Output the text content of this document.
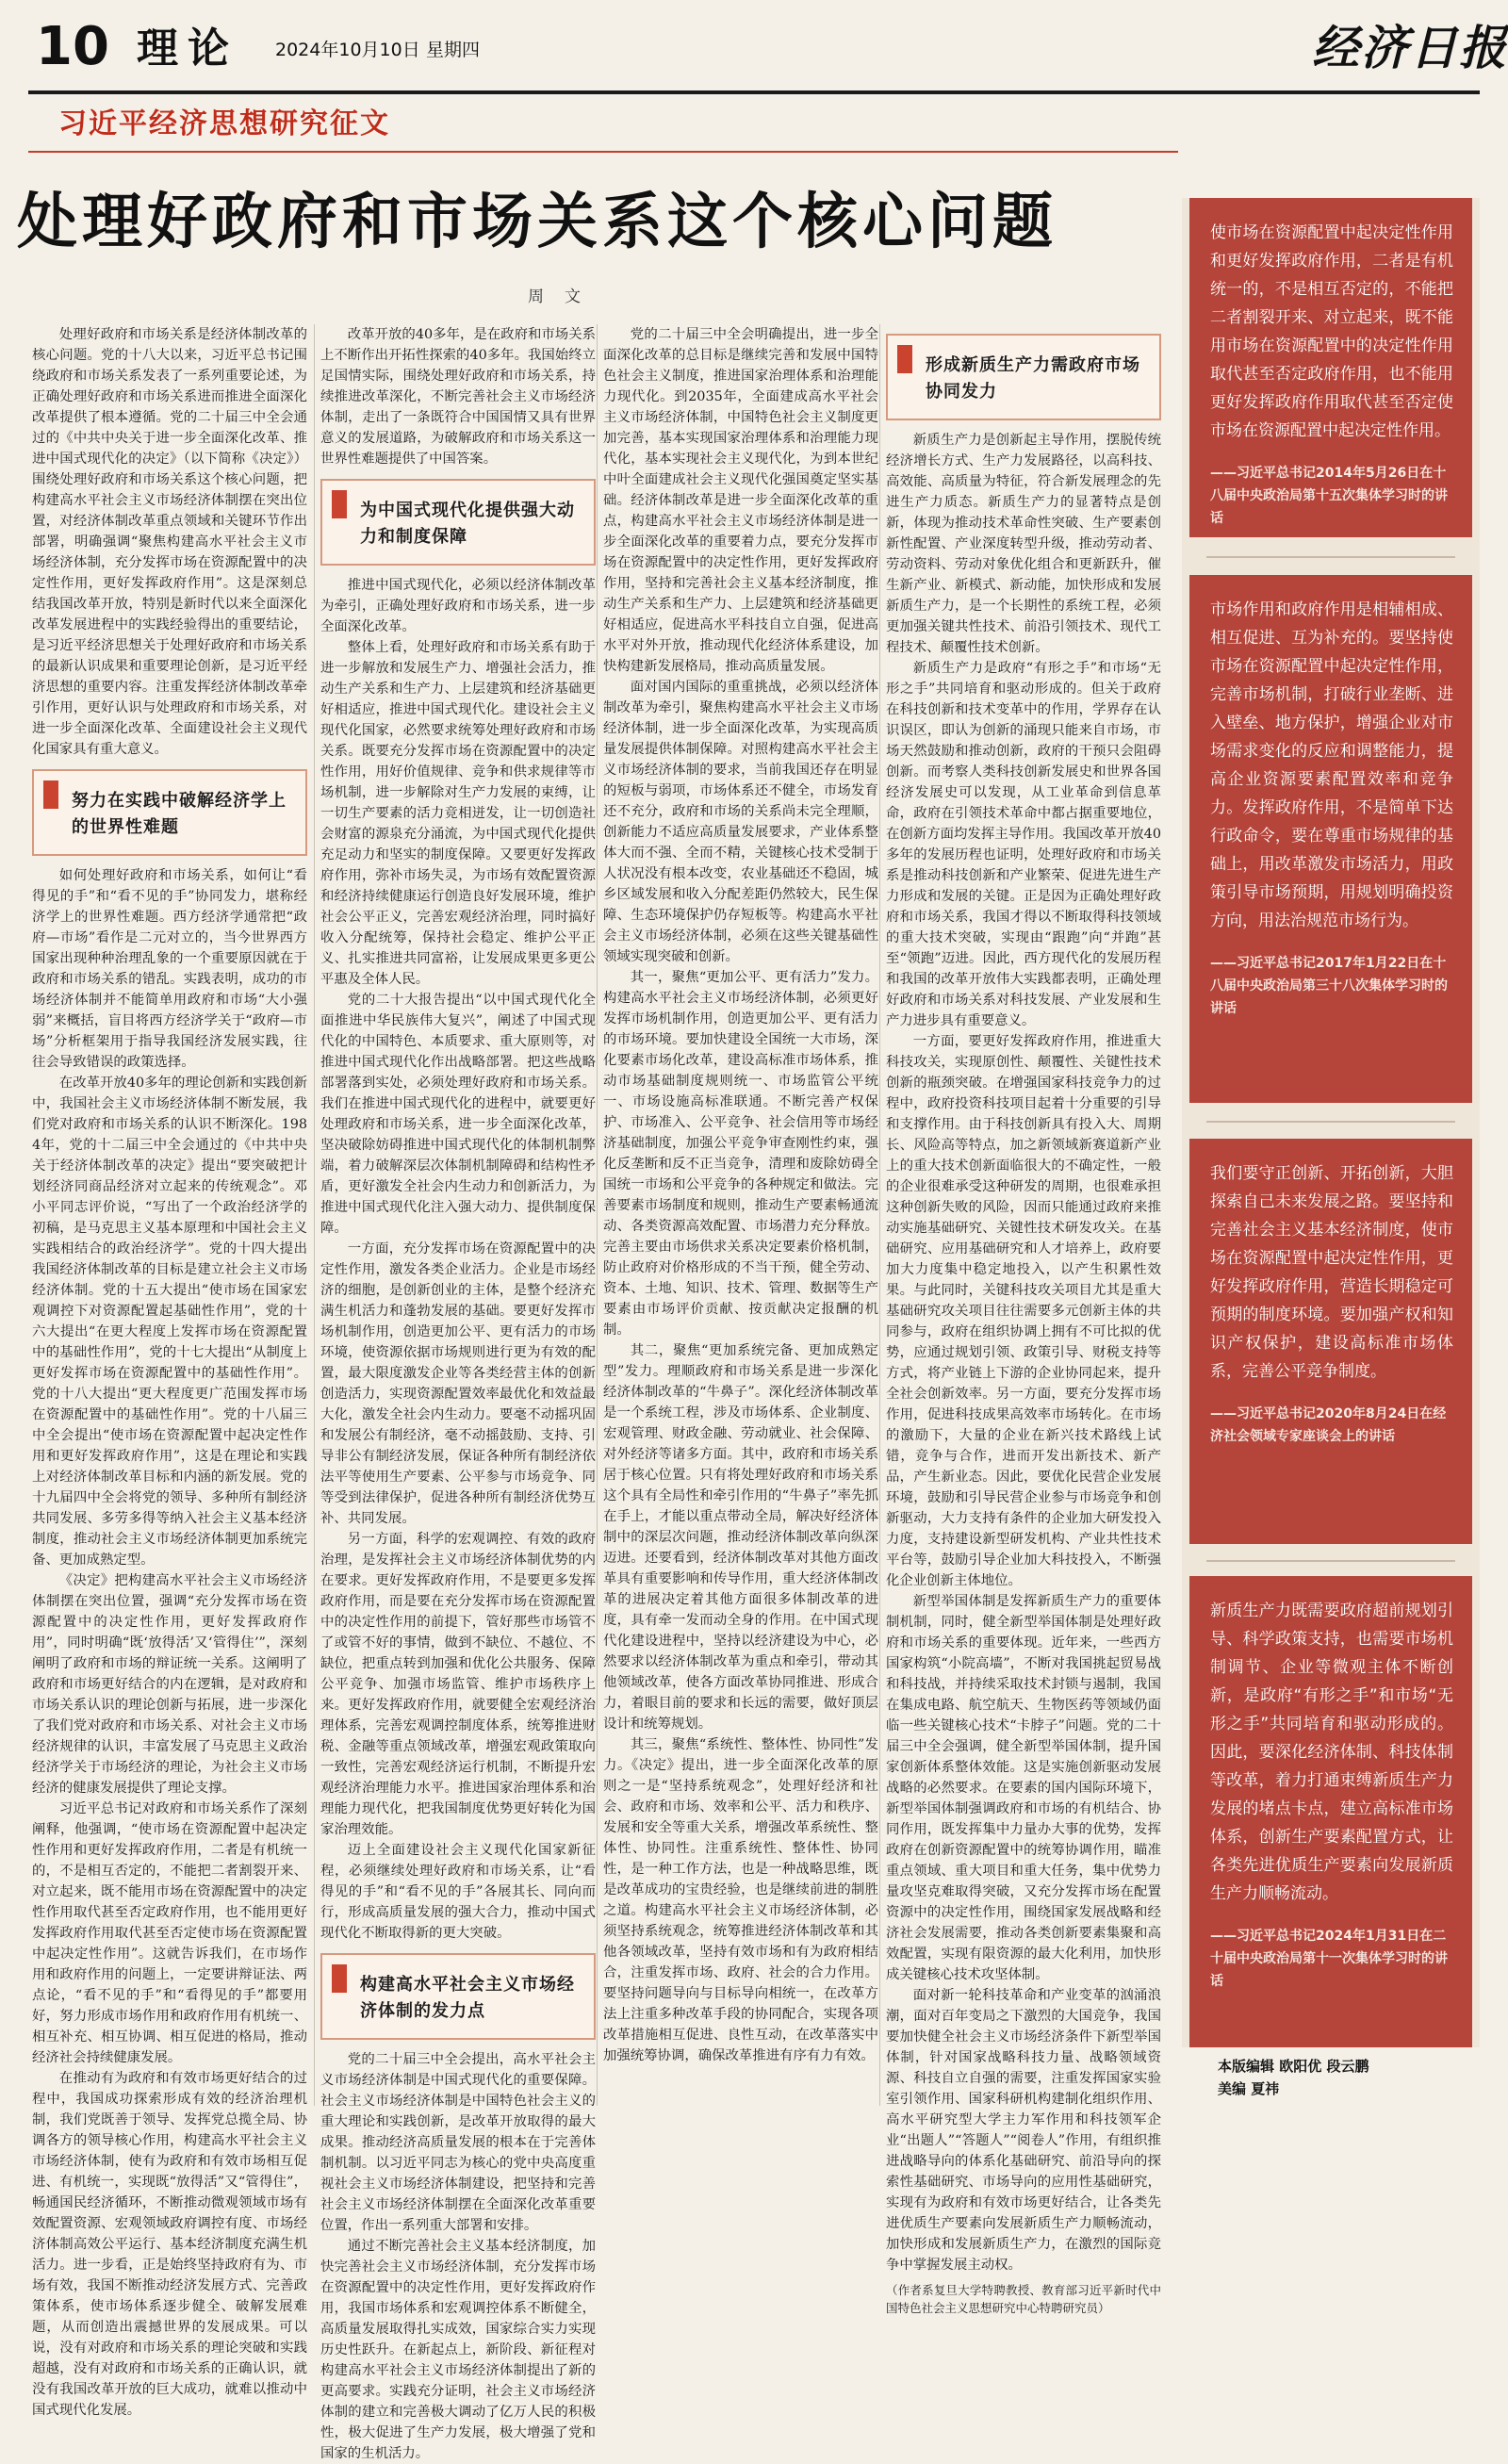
10 理论 2024年10月10日 星期四	经济日报
习近平经济思想研究征文
处理好政府和市场关系这个核心问题
周文

处理好政府和市场关系是经济体制改革的核心问题。党的十八大以来，习近平总书记围绕政府和市场关系发表了一系列重要论述，为正确处理好政府和市场关系进而推进全面深化改革提供了根本遵循。党的二十届三中全会通过的《中共中央关于进一步全面深化改革、推进中国式现代化的决定》（以下简称《决定》）围绕处理好政府和市场关系这个核心问题，把构建高水平社会主义市场经济体制摆在突出位置，对经济体制改革重点领域和关键环节作出部署，明确强调“聚焦构建高水平社会主义市场经济体制，充分发挥市场在资源配置中的决定性作用，更好发挥政府作用”。这是深刻总结我国改革开放，特别是新时代以来全面深化改革发展进程中的实践经验得出的重要结论，是习近平经济思想关于处理好政府和市场关系的最新认识成果和重要理论创新，是习近平经济思想的重要内容。注重发挥经济体制改革牵引作用，更好认识与处理政府和市场关系，对进一步全面深化改革、全面建设社会主义现代化国家具有重大意义。

努力在实践中破解经济学上的世界性难题

如何处理好政府和市场关系，如何让“看得见的手”和“看不见的手”协同发力，堪称经济学上的世界性难题。西方经济学通常把“政府—市场”看作是二元对立的，当今世界西方国家出现种种治理乱象的一个重要原因就在于政府和市场关系的错乱。实践表明，成功的市场经济体制并不能简单用政府和市场“大小强弱”来概括，盲目将西方经济学关于“政府—市场”分析框架用于指导我国经济发展实践，往往会导致错误的政策选择。

在改革开放40多年的理论创新和实践创新中，我国社会主义市场经济体制不断发展，我们党对政府和市场关系的认识不断深化。1984年，党的十二届三中全会通过的《中共中央关于经济体制改革的决定》提出“要突破把计划经济同商品经济对立起来的传统观念”。邓小平同志评价说，“写出了一个政治经济学的初稿，是马克思主义基本原理和中国社会主义实践相结合的政治经济学”。党的十四大提出我国经济体制改革的目标是建立社会主义市场经济体制。党的十五大提出“使市场在国家宏观调控下对资源配置起基础性作用”，党的十六大提出“在更大程度上发挥市场在资源配置中的基础性作用”，党的十七大提出“从制度上更好发挥市场在资源配置中的基础性作用”。党的十八大提出“更大程度更广范围发挥市场在资源配置中的基础性作用”。党的十八届三中全会提出“使市场在资源配置中起决定性作用和更好发挥政府作用”，这是在理论和实践上对经济体制改革目标和内涵的新发展。党的十九届四中全会将党的领导、多种所有制经济共同发展、多劳多得等纳入社会主义基本经济制度，推动社会主义市场经济体制更加系统完备、更加成熟定型。

《决定》把构建高水平社会主义市场经济体制摆在突出位置，强调“充分发挥市场在资源配置中的决定性作用，更好发挥政府作用”，同时明确“既‘放得活’又‘管得住’”，深刻阐明了政府和市场的辩证统一关系。这阐明了政府和市场更好结合的内在逻辑，是对政府和市场关系认识的理论创新与拓展，进一步深化了我们党对政府和市场关系、对社会主义市场经济规律的认识，丰富发展了马克思主义政治经济学关于市场经济的理论，为社会主义市场经济的健康发展提供了理论支撑。

习近平总书记对政府和市场关系作了深刻阐释，他强调，“使市场在资源配置中起决定性作用和更好发挥政府作用，二者是有机统一的，不是相互否定的，不能把二者割裂开来、对立起来，既不能用市场在资源配置中的决定性作用取代甚至否定政府作用，也不能用更好发挥政府作用取代甚至否定使市场在资源配置中起决定性作用”。这就告诉我们，在市场作用和政府作用的问题上，一定要讲辩证法、两点论，“看不见的手”和“看得见的手”都要用好，努力形成市场作用和政府作用有机统一、相互补充、相互协调、相互促进的格局，推动经济社会持续健康发展。

在推动有为政府和有效市场更好结合的过程中，我国成功探索形成有效的经济治理机制，我们党既善于领导、发挥党总揽全局、协调各方的领导核心作用，构建高水平社会主义市场经济体制，使有为政府和有效市场相互促进、有机统一，实现既“放得活”又“管得住”，畅通国民经济循环，不断推动微观领域市场有效配置资源、宏观领域政府调控有度、市场经济体制高效公平运行、基本经济制度充满生机活力。进一步看，正是始终坚持政府有为、市场有效，我国不断推动经济发展方式、完善政策体系，使市场体系逐步健全、破解发展难题，从而创造出震撼世界的发展成果。可以说，没有对政府和市场关系的理论突破和实践超越，没有对政府和市场关系的正确认识，就没有我国改革开放的巨大成功，就难以推动中国式现代化发展。

改革开放的40多年，是在政府和市场关系上不断作出开拓性探索的40多年。我国始终立足国情实际，围绕处理好政府和市场关系，持续推进改革深化，不断完善社会主义市场经济体制，走出了一条既符合中国国情又具有世界意义的发展道路，为破解政府和市场关系这一世界性难题提供了中国答案。

为中国式现代化提供强大动力和制度保障

推进中国式现代化，必须以经济体制改革为牵引，正确处理好政府和市场关系，进一步全面深化改革。

整体上看，处理好政府和市场关系有助于进一步解放和发展生产力、增强社会活力，推动生产关系和生产力、上层建筑和经济基础更好相适应，推进中国式现代化。建设社会主义现代化国家，必然要求统筹处理好政府和市场关系。既要充分发挥市场在资源配置中的决定性作用，用好价值规律、竞争和供求规律等市场机制，进一步解除对生产力发展的束缚，让一切生产要素的活力竞相迸发，让一切创造社会财富的源泉充分涌流，为中国式现代化提供充足动力和坚实的制度保障。又要更好发挥政府作用，弥补市场失灵，为市场有效配置资源和经济持续健康运行创造良好发展环境，维护社会公平正义，完善宏观经济治理，同时搞好收入分配统筹，保持社会稳定、维护公平正义、扎实推进共同富裕，让发展成果更多更公平惠及全体人民。

党的二十大报告提出“以中国式现代化全面推进中华民族伟大复兴”，阐述了中国式现代化的中国特色、本质要求、重大原则等，对推进中国式现代化作出战略部署。把这些战略部署落到实处，必须处理好政府和市场关系。我们在推进中国式现代化的进程中，就要更好处理政府和市场关系，进一步全面深化改革，坚决破除妨碍推进中国式现代化的体制机制弊端，着力破解深层次体制机制障碍和结构性矛盾，更好激发全社会内生动力和创新活力，为推进中国式现代化注入强大动力、提供制度保障。

一方面，充分发挥市场在资源配置中的决定性作用，激发各类企业活力。企业是市场经济的细胞，是创新创业的主体，是整个经济充满生机活力和蓬勃发展的基础。要更好发挥市场机制作用，创造更加公平、更有活力的市场环境，使资源依据市场规则进行更为有效的配置，最大限度激发企业等各类经营主体的创新创造活力，实现资源配置效率最优化和效益最大化，激发全社会内生动力。要毫不动摇巩固和发展公有制经济，毫不动摇鼓励、支持、引导非公有制经济发展，保证各种所有制经济依法平等使用生产要素、公平参与市场竞争、同等受到法律保护，促进各种所有制经济优势互补、共同发展。

另一方面，科学的宏观调控、有效的政府治理，是发挥社会主义市场经济体制优势的内在要求。更好发挥政府作用，不是要更多发挥政府作用，而是要在充分发挥市场在资源配置中的决定性作用的前提下，管好那些市场管不了或管不好的事情，做到不缺位、不越位、不缺位，把重点转到加强和优化公共服务、保障公平竞争、加强市场监管、维护市场秩序上来。更好发挥政府作用，就要健全宏观经济治理体系，完善宏观调控制度体系，统筹推进财税、金融等重点领域改革，增强宏观政策取向一致性，完善宏观经济运行机制，不断提升宏观经济治理能力水平。推进国家治理体系和治理能力现代化，把我国制度优势更好转化为国家治理效能。

迈上全面建设社会主义现代化国家新征程，必须继续处理好政府和市场关系，让“看得见的手”和“看不见的手”各展其长、同向而行，形成高质量发展的强大合力，推动中国式现代化不断取得新的更大突破。

构建高水平社会主义市场经济体制的发力点

党的二十届三中全会提出，高水平社会主义市场经济体制是中国式现代化的重要保障。社会主义市场经济体制是中国特色社会主义的重大理论和实践创新，是改革开放取得的最大成果。推动经济高质量发展的根本在于完善体制机制。以习近平同志为核心的党中央高度重视社会主义市场经济体制建设，把坚持和完善社会主义市场经济体制摆在全面深化改革重要位置，作出一系列重大部署和安排。

通过不断完善社会主义基本经济制度，加快完善社会主义市场经济体制，充分发挥市场在资源配置中的决定性作用，更好发挥政府作用，我国市场体系和宏观调控体系不断健全，高质量发展取得扎实成效，国家综合实力实现历史性跃升。在新起点上，新阶段、新征程对构建高水平社会主义市场经济体制提出了新的更高要求。实践充分证明，社会主义市场经济体制的建立和完善极大调动了亿万人民的积极性，极大促进了生产力发展，极大增强了党和国家的生机活力。

党的二十届三中全会明确提出，进一步全面深化改革的总目标是继续完善和发展中国特色社会主义制度，推进国家治理体系和治理能力现代化。到2035年，全面建成高水平社会主义市场经济体制，中国特色社会主义制度更加完善，基本实现国家治理体系和治理能力现代化，基本实现社会主义现代化，为到本世纪中叶全面建成社会主义现代化强国奠定坚实基础。经济体制改革是进一步全面深化改革的重点，构建高水平社会主义市场经济体制是进一步全面深化改革的重要着力点，要充分发挥市场在资源配置中的决定性作用，更好发挥政府作用，坚持和完善社会主义基本经济制度，推动生产关系和生产力、上层建筑和经济基础更好相适应，促进高水平科技自立自强，促进高水平对外开放，推动现代化经济体系建设，加快构建新发展格局，推动高质量发展。

面对国内国际的重重挑战，必须以经济体制改革为牵引，聚焦构建高水平社会主义市场经济体制，进一步全面深化改革，为实现高质量发展提供体制保障。对照构建高水平社会主义市场经济体制的要求，当前我国还存在明显的短板与弱项，市场体系还不健全，市场发育还不充分，政府和市场的关系尚未完全理顺，创新能力不适应高质量发展要求，产业体系整体大而不强、全而不精，关键核心技术受制于人状况没有根本改变，农业基础还不稳固，城乡区域发展和收入分配差距仍然较大，民生保障、生态环境保护仍存短板等。构建高水平社会主义市场经济体制，必须在这些关键基础性领域实现突破和创新。

其一，聚焦“更加公平、更有活力”发力。构建高水平社会主义市场经济体制，必须更好发挥市场机制作用，创造更加公平、更有活力的市场环境。要加快建设全国统一大市场，深化要素市场化改革，建设高标准市场体系，推动市场基础制度规则统一、市场监管公平统一、市场设施高标准联通。不断完善产权保护、市场准入、公平竞争、社会信用等市场经济基础制度，加强公平竞争审查刚性约束，强化反垄断和反不正当竞争，清理和废除妨碍全国统一市场和公平竞争的各种规定和做法。完善要素市场制度和规则，推动生产要素畅通流动、各类资源高效配置、市场潜力充分释放。完善主要由市场供求关系决定要素价格机制，防止政府对价格形成的不当干预，健全劳动、资本、土地、知识、技术、管理、数据等生产要素由市场评价贡献、按贡献决定报酬的机制。

其二，聚焦“更加系统完备、更加成熟定型”发力。理顺政府和市场关系是进一步深化经济体制改革的“牛鼻子”。深化经济体制改革是一个系统工程，涉及市场体系、企业制度、宏观管理、财政金融、劳动就业、社会保障、对外经济等诸多方面。其中，政府和市场关系居于核心位置。只有将处理好政府和市场关系这个具有全局性和牵引作用的“牛鼻子”率先抓在手上，才能以重点带动全局，解决好经济体制中的深层次问题，推动经济体制改革向纵深迈进。还要看到，经济体制改革对其他方面改革具有重要影响和传导作用，重大经济体制改革的进展决定着其他方面很多体制改革的进度，具有牵一发而动全身的作用。在中国式现代化建设进程中，坚持以经济建设为中心，必然要求以经济体制改革为重点和牵引，带动其他领域改革，使各方面改革协同推进、形成合力，着眼目前的要求和长远的需要，做好顶层设计和统筹规划。

其三，聚焦“系统性、整体性、协同性”发力。《决定》提出，进一步全面深化改革的原则之一是“坚持系统观念”，处理好经济和社会、政府和市场、效率和公平、活力和秩序、发展和安全等重大关系，增强改革系统性、整体性、协同性。注重系统性、整体性、协同性，是一种工作方法，也是一种战略思维，既是改革成功的宝贵经验，也是继续前进的制胜之道。构建高水平社会主义市场经济体制，必须坚持系统观念，统筹推进经济体制改革和其他各领域改革，坚持有效市场和有为政府相结合，注重发挥市场、政府、社会的合力作用。要坚持问题导向与目标导向相统一，在改革方法上注重多种改革手段的协同配合，实现各项改革措施相互促进、良性互动，在改革落实中加强统筹协调，确保改革推进有序有力有效。

形成新质生产力需政府市场协同发力

新质生产力是创新起主导作用，摆脱传统经济增长方式、生产力发展路径，以高科技、高效能、高质量为特征，符合新发展理念的先进生产力质态。新质生产力的显著特点是创新，体现为推动技术革命性突破、生产要素创新性配置、产业深度转型升级，推动劳动者、劳动资料、劳动对象优化组合和更新跃升，催生新产业、新模式、新动能，加快形成和发展新质生产力，是一个长期性的系统工程，必须更加强关键共性技术、前沿引领技术、现代工程技术、颠覆性技术创新。

新质生产力是政府“有形之手”和市场“无形之手”共同培育和驱动形成的。但关于政府在科技创新和技术变革中的作用，学界存在认识误区，即认为创新的涌现只能来自市场，市场天然鼓励和推动创新，政府的干预只会阻碍创新。而考察人类科技创新发展史和世界各国经济发展史可以发现，从工业革命到信息革命，政府在引领技术革命中都占据重要地位，在创新方面均发挥主导作用。我国改革开放40多年的发展历程也证明，处理好政府和市场关系是推动科技创新和产业繁荣、促进先进生产力形成和发展的关键。正是因为正确处理好政府和市场关系，我国才得以不断取得科技领域的重大技术突破，实现由“跟跑”向“并跑”甚至“领跑”迈进。因此，西方现代化的发展历程和我国的改革开放伟大实践都表明，正确处理好政府和市场关系对科技发展、产业发展和生产力进步具有重要意义。

一方面，要更好发挥政府作用，推进重大科技攻关，实现原创性、颠覆性、关键性技术创新的瓶颈突破。在增强国家科技竞争力的过程中，政府投资科技项目起着十分重要的引导和支撑作用。由于科技创新具有投入大、周期长、风险高等特点，加之新领域新赛道新产业上的重大技术创新面临很大的不确定性，一般的企业很难承受这种研发的周期，也很难承担这种创新失败的风险，因而只能通过政府来推动实施基础研究、关键性技术研发攻关。在基础研究、应用基础研究和人才培养上，政府要加大力度集中稳定地投入，以产生积累性效果。与此同时，关键科技攻关项目尤其是重大基础研究攻关项目往往需要多元创新主体的共同参与，政府在组织协调上拥有不可比拟的优势，应通过规划引领、政策引导、财税支持等方式，将产业链上下游的企业协同起来，提升全社会创新效率。另一方面，要充分发挥市场作用，促进科技成果高效率市场转化。在市场的激励下，大量的企业在新兴技术路线上试错，竞争与合作，进而开发出新技术、新产品，产生新业态。因此，要优化民营企业发展环境，鼓励和引导民营企业参与市场竞争和创新驱动，大力支持有条件的企业加大研发投入力度，支持建设新型研发机构、产业共性技术平台等，鼓励引导企业加大科技投入，不断强化企业创新主体地位。

新型举国体制是发挥新质生产力的重要体制机制，同时，健全新型举国体制是处理好政府和市场关系的重要体现。近年来，一些西方国家构筑“小院高墙”，不断对我国挑起贸易战和科技战，并持续采取技术封锁与遏制，我国在集成电路、航空航天、生物医药等领域仍面临一些关键核心技术“卡脖子”问题。党的二十届三中全会强调，健全新型举国体制，提升国家创新体系整体效能。这是实施创新驱动发展战略的必然要求。在要素的国内国际环境下，新型举国体制强调政府和市场的有机结合、协同作用，既发挥集中力量办大事的优势，发挥政府在创新资源配置中的统筹协调作用，瞄准重点领域、重大项目和重大任务，集中优势力量攻坚克难取得突破，又充分发挥市场在配置资源中的决定性作用，围绕国家发展战略和经济社会发展需要，推动各类创新要素集聚和高效配置，实现有限资源的最大化利用，加快形成关键核心技术攻坚体制。

面对新一轮科技革命和产业变革的汹涌浪潮，面对百年变局之下激烈的大国竞争，我国要加快健全社会主义市场经济条件下新型举国体制，针对国家战略科技力量、战略领域资源、科技自立自强的需要，注重发挥国家实验室引领作用、国家科研机构建制化组织作用、高水平研究型大学主力军作用和科技领军企业“出题人”“答题人”“阅卷人”作用，有组织推进战略导向的体系化基础研究、前沿导向的探索性基础研究、市场导向的应用性基础研究，实现有为政府和有效市场更好结合，让各类先进优质生产要素向发展新质生产力顺畅流动，加快形成和发展新质生产力，在激烈的国际竞争中掌握发展主动权。

（作者系复旦大学特聘教授、教育部习近平新时代中国特色社会主义思想研究中心特聘研究员）

使市场在资源配置中起决定性作用和更好发挥政府作用，二者是有机统一的，不是相互否定的，不能把二者割裂开来、对立起来，既不能用市场在资源配置中的决定性作用取代甚至否定政府作用，也不能用更好发挥政府作用取代甚至否定使市场在资源配置中起决定性作用。
——习近平总书记2014年5月26日在十八届中央政治局第十五次集体学习时的讲话
市场作用和政府作用是相辅相成、相互促进、互为补充的。要坚持使市场在资源配置中起决定性作用，完善市场机制，打破行业垄断、进入壁垒、地方保护，增强企业对市场需求变化的反应和调整能力，提高企业资源要素配置效率和竞争力。发挥政府作用，不是简单下达行政命令，要在尊重市场规律的基础上，用改革激发市场活力，用政策引导市场预期，用规划明确投资方向，用法治规范市场行为。
——习近平总书记2017年1月22日在十八届中央政治局第三十八次集体学习时的讲话
我们要守正创新、开拓创新，大胆探索自己未来发展之路。要坚持和完善社会主义基本经济制度，使市场在资源配置中起决定性作用，更好发挥政府作用，营造长期稳定可预期的制度环境。要加强产权和知识产权保护，建设高标准市场体系，完善公平竞争制度。
——习近平总书记2020年8月24日在经济社会领域专家座谈会上的讲话
新质生产力既需要政府超前规划引导、科学政策支持，也需要市场机制调节、企业等微观主体不断创新，是政府“有形之手”和市场“无形之手”共同培育和驱动形成的。因此，要深化经济体制、科技体制等改革，着力打通束缚新质生产力发展的堵点卡点，建立高标准市场体系，创新生产要素配置方式，让各类先进优质生产要素向发展新质生产力顺畅流动。
——习近平总书记2024年1月31日在二十届中央政治局第十一次集体学习时的讲话
本版编辑 欧阳优 段云鹏
美编 夏祎
